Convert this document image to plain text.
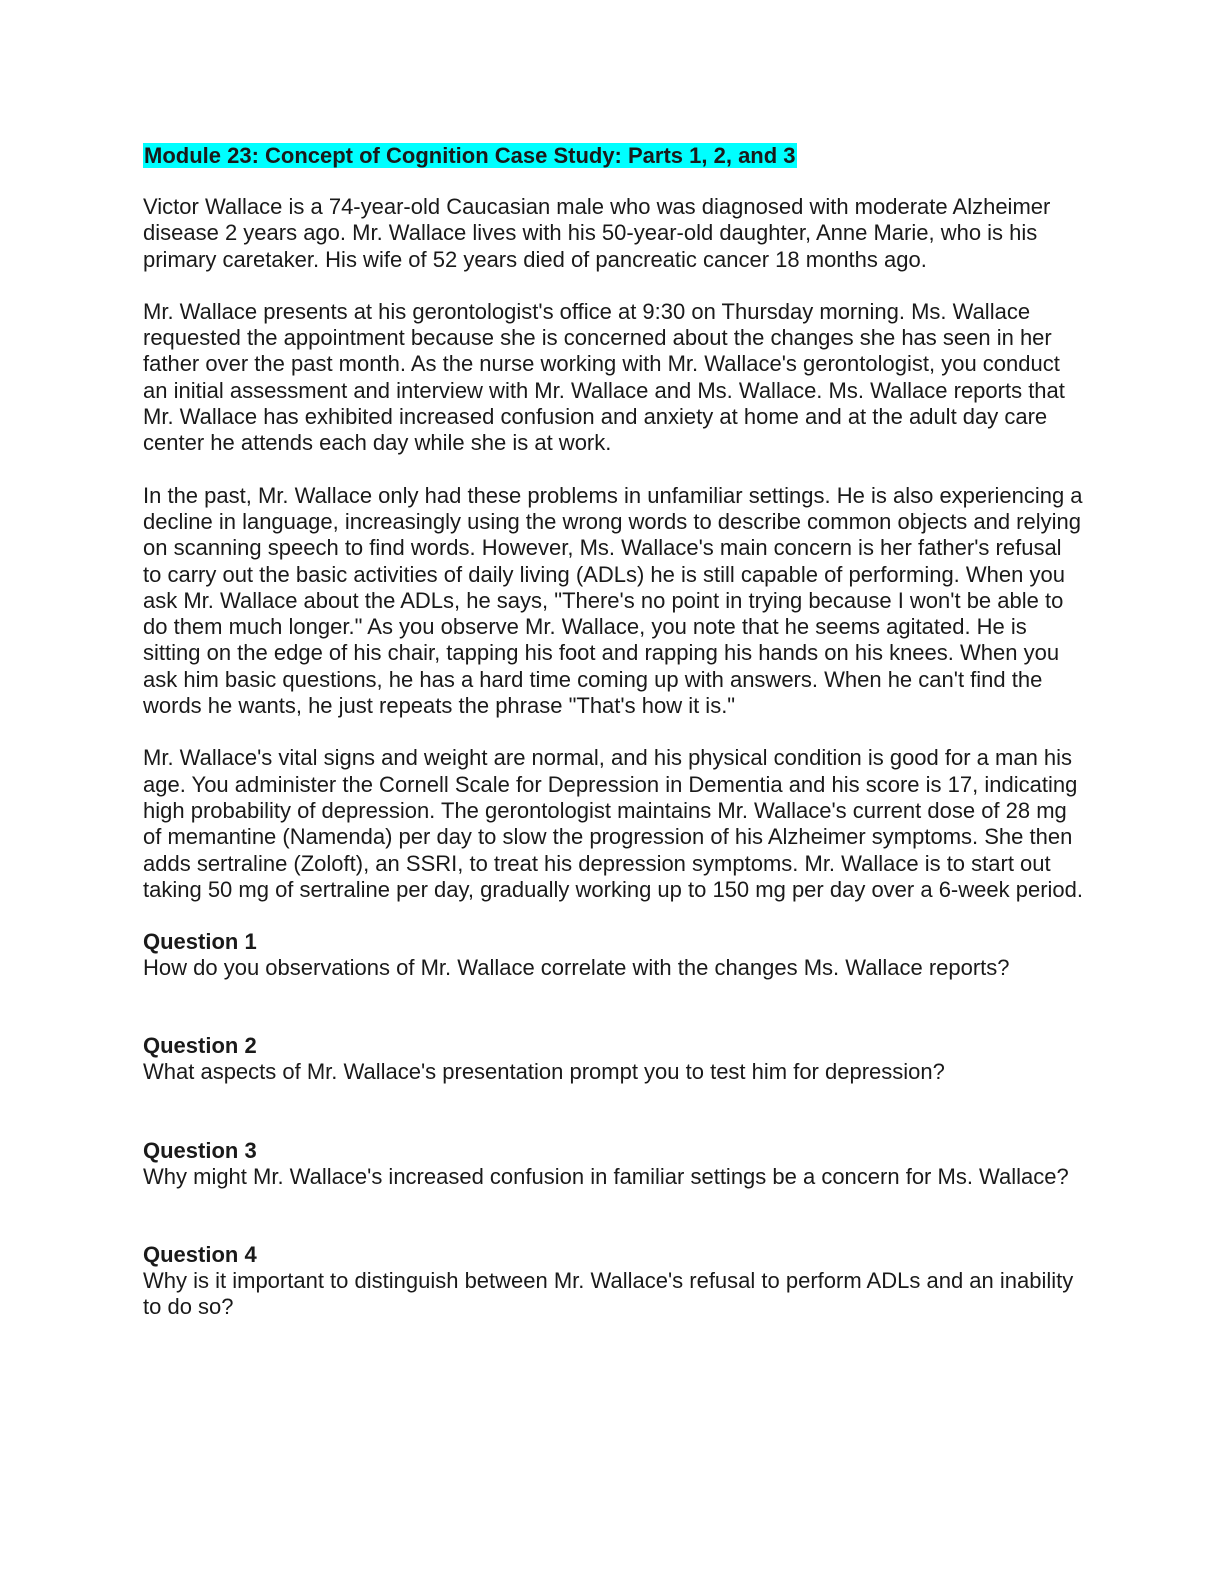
Module 23: Concept of Cognition Case Study: Parts 1, 2, and 3

Victor Wallace is a 74-year-old Caucasian male who was diagnosed with moderate Alzheimer disease 2 years ago. Mr. Wallace lives with his 50-year-old daughter, Anne Marie, who is his primary caretaker. His wife of 52 years died of pancreatic cancer 18 months ago.

Mr. Wallace presents at his gerontologist's office at 9:30 on Thursday morning. Ms. Wallace requested the appointment because she is concerned about the changes she has seen in her father over the past month. As the nurse working with Mr. Wallace's gerontologist, you conduct an initial assessment and interview with Mr. Wallace and Ms. Wallace. Ms. Wallace reports that Mr. Wallace has exhibited increased confusion and anxiety at home and at the adult day care center he attends each day while she is at work.

In the past, Mr. Wallace only had these problems in unfamiliar settings. He is also experiencing a decline in language, increasingly using the wrong words to describe common objects and relying on scanning speech to find words. However, Ms. Wallace's main concern is her father's refusal to carry out the basic activities of daily living (ADLs) he is still capable of performing. When you ask Mr. Wallace about the ADLs, he says, "There's no point in trying because I won't be able to do them much longer." As you observe Mr. Wallace, you note that he seems agitated. He is sitting on the edge of his chair, tapping his foot and rapping his hands on his knees. When you ask him basic questions, he has a hard time coming up with answers. When he can't find the words he wants, he just repeats the phrase "That's how it is."

Mr. Wallace's vital signs and weight are normal, and his physical condition is good for a man his age. You administer the Cornell Scale for Depression in Dementia and his score is 17, indicating high probability of depression. The gerontologist maintains Mr. Wallace's current dose of 28 mg of memantine (Namenda) per day to slow the progression of his Alzheimer symptoms. She then adds sertraline (Zoloft), an SSRI, to treat his depression symptoms. Mr. Wallace is to start out taking 50 mg of sertraline per day, gradually working up to 150 mg per day over a 6-week period.

Question 1

How do you observations of Mr. Wallace correlate with the changes Ms. Wallace reports?

Question 2

What aspects of Mr. Wallace's presentation prompt you to test him for depression?

Question 3

Why might Mr. Wallace's increased confusion in familiar settings be a concern for Ms. Wallace?

Question 4

Why is it important to distinguish between Mr. Wallace's refusal to perform ADLs and an inability to do so?
